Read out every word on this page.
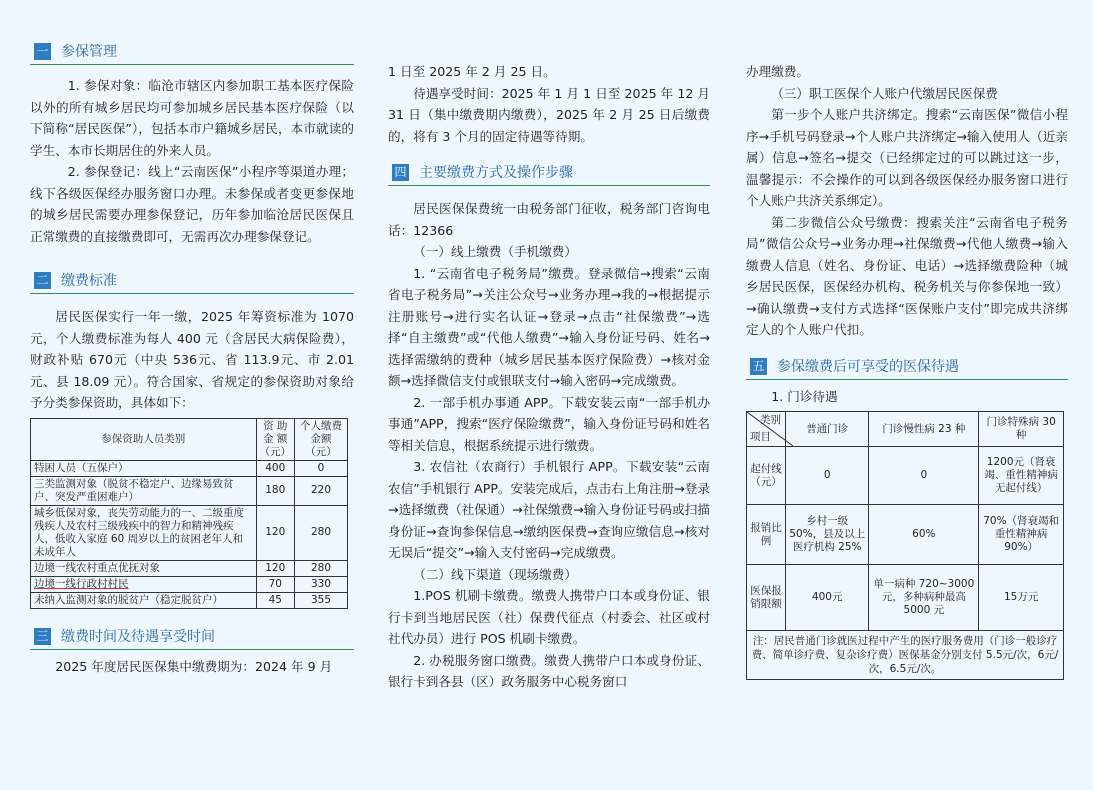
一 参保管理

1. 参保对象：临沧市辖区内参加职工基本医疗保险以外的所有城乡居民均可参加城乡居民基本医疗保险（以下简称“居民医保”），包括本市户籍城乡居民，本市就读的学生、本市长期居住的外来人员。

2. 参保登记：线上“云南医保”小程序等渠道办理；线下各级医保经办服务窗口办理。未参保或者变更参保地的城乡居民需要办理参保登记，历年参加临沧居民医保且正常缴费的直接缴费即可，无需再次办理参保登记。

二 缴费标准

居民医保实行一年一缴，2025 年筹资标准为 1070 元，个人缴费标准为每人 400 元（含居民大病保险费），财政补贴 670元（中央 536元、省 113.9元、市 2.01 元、县 18.09 元）。符合国家、省规定的参保资助对象给予分类参保资助，具体如下：

参保资助人员类别	资 助 金 额（元）	个人缴费金额（元）
特困人员（五保户）	400	0
三类监测对象（脱贫不稳定户、边缘易致贫户、突发严重困难户）	180	220
城乡低保对象，丧失劳动能力的一、二级重度残疾人及农村三级残疾中的智力和精神残疾人，低收入家庭 60 周岁以上的贫困老年人和未成年人	120	280
边境一线农村重点优抚对象	120	280
边境一线行政村村民	70	330
未纳入监测对象的脱贫户（稳定脱贫户）	45	355
三 缴费时间及待遇享受时间

2025 年度居民医保集中缴费期为：2024 年 9 月

1 日至 2025 年 2 月 25 日。

待遇享受时间：2025 年 1 月 1 日至 2025 年 12 月 31 日（集中缴费期内缴费），2025 年 2 月 25 日后缴费的，将有 3 个月的固定待遇等待期。

四 主要缴费方式及操作步骤

居民医保保费统一由税务部门征收，税务部门咨询电话：12366

（一）线上缴费（手机缴费）

1. “云南省电子税务局”缴费。登录微信→搜索“云南省电子税务局”→关注公众号→业务办理→我的→根据提示注册账号→进行实名认证→登录→点击“社保缴费”→选择“自主缴费”或“代他人缴费”→输入身份证号码、姓名→选择需缴纳的费种（城乡居民基本医疗保险费）→核对金额→选择微信支付或银联支付→输入密码→完成缴费。

2. 一部手机办事通 APP。下载安装云南“一部手机办事通”APP，搜索“医疗保险缴费”，输入身份证号码和姓名等相关信息，根据系统提示进行缴费。

3. 农信社（农商行）手机银行 APP。下载安装“云南农信”手机银行 APP。安装完成后，点击右上角注册→登录→选择缴费（社保通）→社保缴费→输入身份证号码或扫描身份证→查询参保信息→缴纳医保费→查询应缴信息→核对无误后“提交”→输入支付密码→完成缴费。

（二）线下渠道（现场缴费）

1.POS 机刷卡缴费。缴费人携带户口本或身份证、银行卡到当地居民医（社）保费代征点（村委会、社区或村社代办员）进行 POS 机刷卡缴费。

2. 办税服务窗口缴费。缴费人携带户口本或身份证、银行卡到各县（区）政务服务中心税务窗口

办理缴费。

（三）职工医保个人账户代缴居民医保费

第一步个人账户共济绑定。搜索“云南医保”微信小程序→手机号码登录→个人账户共济绑定→输入使用人（近亲属）信息→签名→提交（已经绑定过的可以跳过这一步，温馨提示：不会操作的可以到各级医保经办服务窗口进行个人账户共济关系绑定）。

第二步微信公众号缴费：搜索关注“云南省电子税务局”微信公众号→业务办理→社保缴费→代他人缴费→输入缴费人信息（姓名、身份证、电话）→选择缴费险种（城乡居民医保，医保经办机构、税务机关与你参保地一致）→确认缴费→支付方式选择“医保账户支付”即完成共济绑定人的个人账户代扣。

五 参保缴费后可享受的医保待遇

1. 门诊待遇

类别
项目	普通门诊	门诊慢性病 23 种	门诊特殊病 30 种
起付线（元）	0	0	1200元（肾衰竭、重性精神病无起付线）
报销比例	乡村一级 50%，县及以上医疗机构 25%	60%	70%（肾衰竭和重性精神病 90%）
医保报销限额	400元	单一病种 720~3000元，多种病种最高 5000 元	15万元
注：居民普通门诊就医过程中产生的医疗服务费用（门诊一般诊疗费、简单诊疗费、复杂诊疗费）医保基金分别支付 5.5元/次，6元/次，6.5元/次。			
